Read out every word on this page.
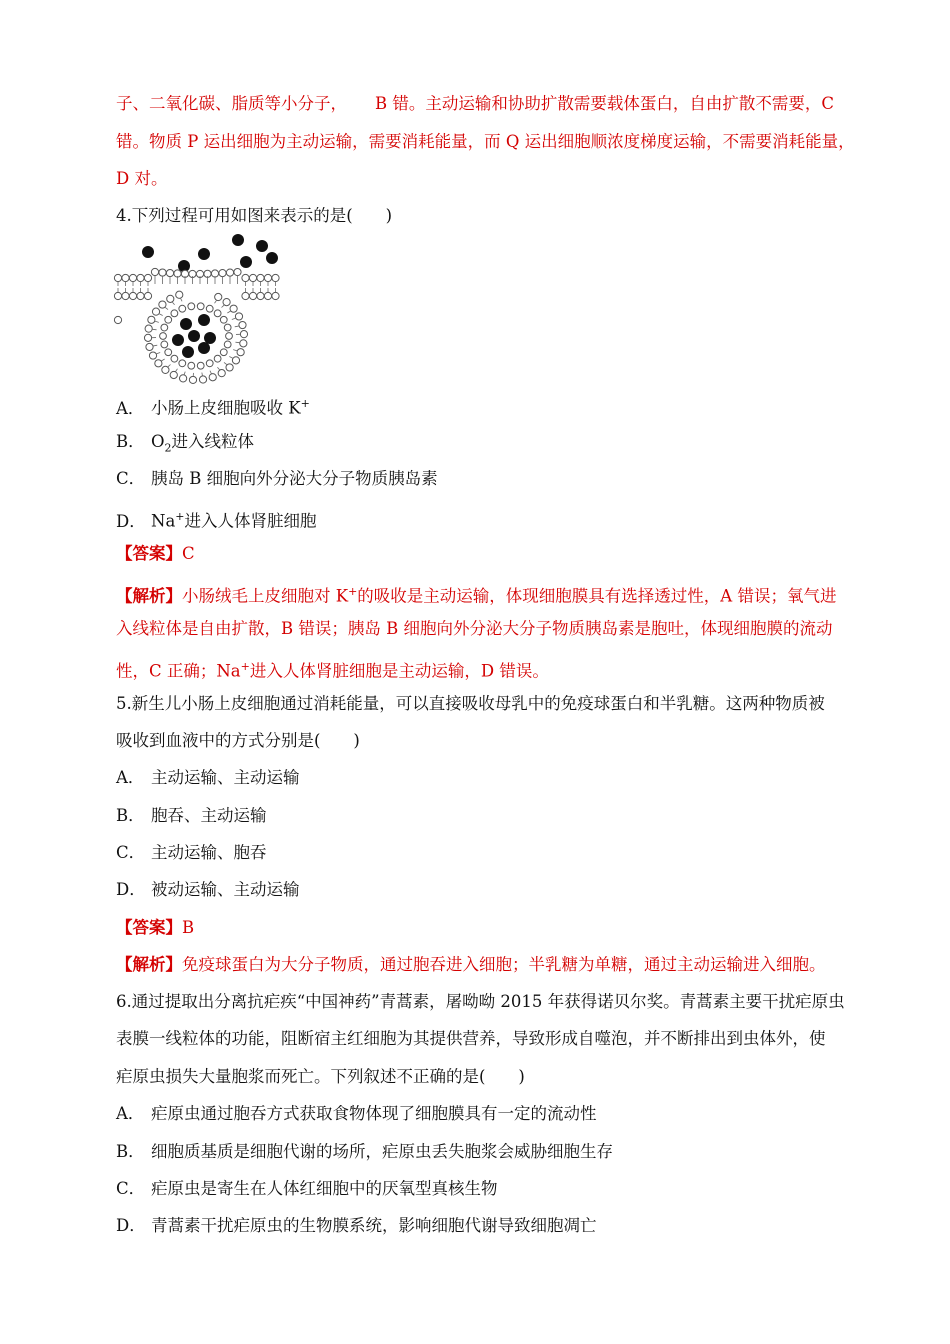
子、二氧化碳、脂质等小分子， B 错。主动运输和协助扩散需要载体蛋白，自由扩散不需要，C
错。物质 P 运出细胞为主动运输，需要消耗能量，而 Q 运出细胞顺浓度梯度运输，不需要消耗能量，
D 对。
4.下列过程可用如图来表示的是(　　)
A． 小肠上皮细胞吸收 K+
B． $O_2$进入线粒体
C． 胰岛 B 细胞向外分泌大分子物质胰岛素
D． Na+进入人体肾脏细胞
【答案】C
【解析】小肠绒毛上皮细胞对 K+的吸收是主动运输，体现细胞膜具有选择透过性，A 错误；氧气进
入线粒体是自由扩散，B 错误；胰岛 B 细胞向外分泌大分子物质胰岛素是胞吐，体现细胞膜的流动
性，C 正确；Na+进入人体肾脏细胞是主动运输，D 错误。
5.新生儿小肠上皮细胞通过消耗能量，可以直接吸收母乳中的免疫球蛋白和半乳糖。这两种物质被
吸收到血液中的方式分别是(　　)
A． 主动运输、主动运输
B． 胞吞、主动运输
C． 主动运输、胞吞
D． 被动运输、主动运输
【答案】B
【解析】免疫球蛋白为大分子物质，通过胞吞进入细胞；半乳糖为单糖，通过主动运输进入细胞。
6.通过提取出分离抗疟疾“中国神药”青蒿素，屠呦呦 2015 年获得诺贝尔奖。青蒿素主要干扰疟原虫
表膜一线粒体的功能，阻断宿主红细胞为其提供营养，导致形成自噬泡，并不断排出到虫体外，使
疟原虫损失大量胞浆而死亡。下列叙述不正确的是(　　)
A． 疟原虫通过胞吞方式获取食物体现了细胞膜具有一定的流动性
B． 细胞质基质是细胞代谢的场所，疟原虫丢失胞浆会威胁细胞生存
C． 疟原虫是寄生在人体红细胞中的厌氧型真核生物
D． 青蒿素干扰疟原虫的生物膜系统，影响细胞代谢导致细胞凋亡
